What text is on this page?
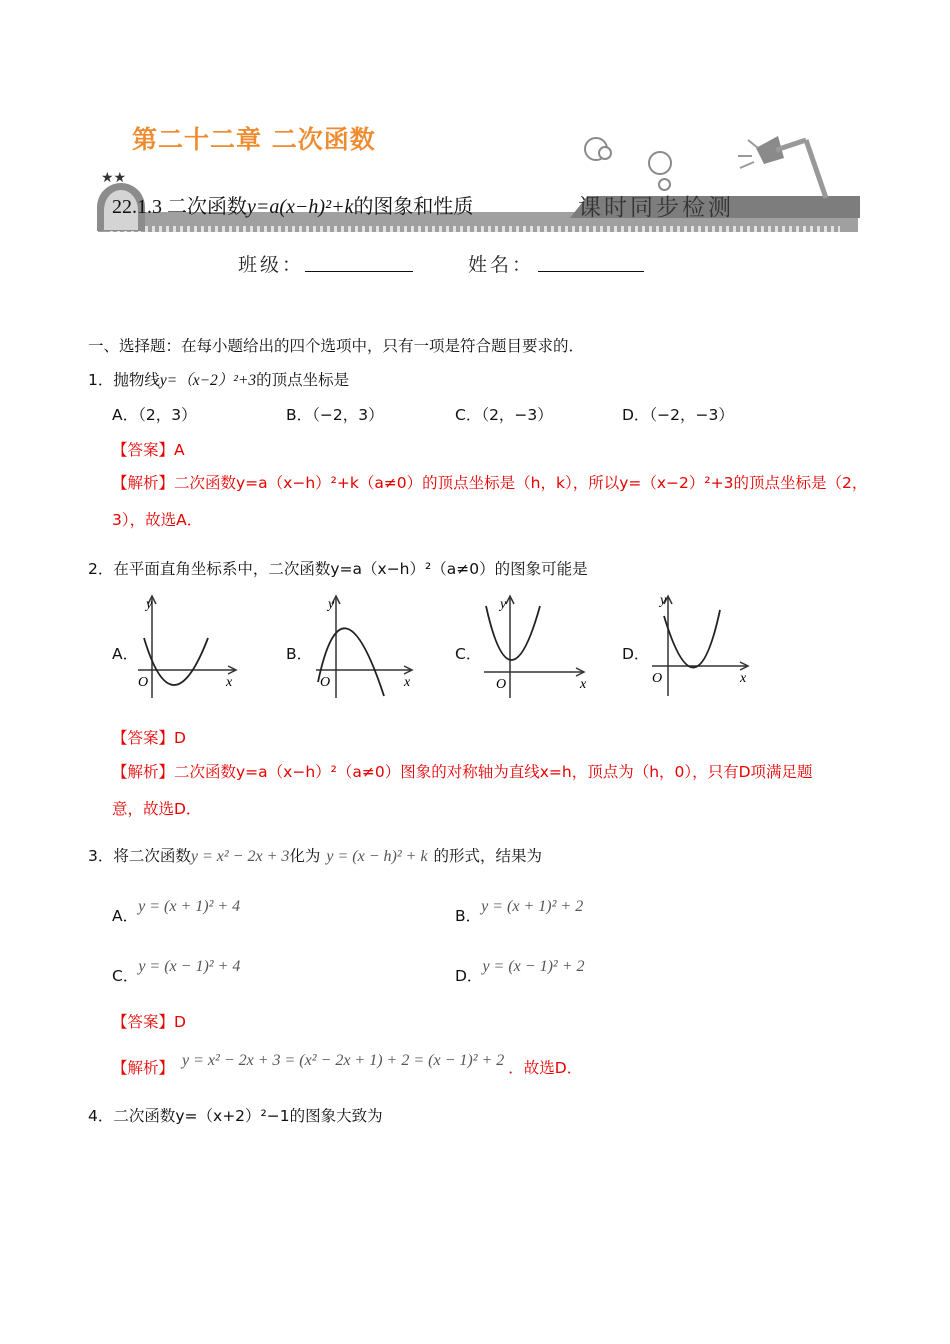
第二十二章 二次函数
★★
22.1.3 二次函数y=a(x−h)²+k的图象和性质	课时同步检测
班级：	姓名：
一、选择题：在每小题给出的四个选项中，只有一项是符合题目要求的．
1．抛物线y=（x−2）²+3的顶点坐标是
A．（2，3）	B．（−2，3）	C．（2，−3）	D．（−2，−3）
【答案】A
【解析】二次函数y=a（x−h）²+k（a≠0）的顶点坐标是（h，k），所以y=（x−2）²+3的顶点坐标是（2，
3），故选A．
2．在平面直角坐标系中，二次函数y=a（x−h）²（a≠0）的图象可能是
A．
y
x
O
B．
y
x
O
C．
y
x
O
D．
y
x
O
【答案】D
【解析】二次函数y=a（x−h）²（a≠0）图象的对称轴为直线x=h，顶点为（h，0），只有D项满足题
意，故选D．
3．将二次函数y = x² − 2x + 3化为 y = (x − h)² + k 的形式，结果为
A．y = (x + 1)² + 4
B．y = (x + 1)² + 2
C．y = (x − 1)² + 4
D．y = (x − 1)² + 2
【答案】D
【解析】 y = x² − 2x + 3 = (x² − 2x + 1) + 2 = (x − 1)² + 2 ．故选D．
4．二次函数y=（x+2）²−1的图象大致为
